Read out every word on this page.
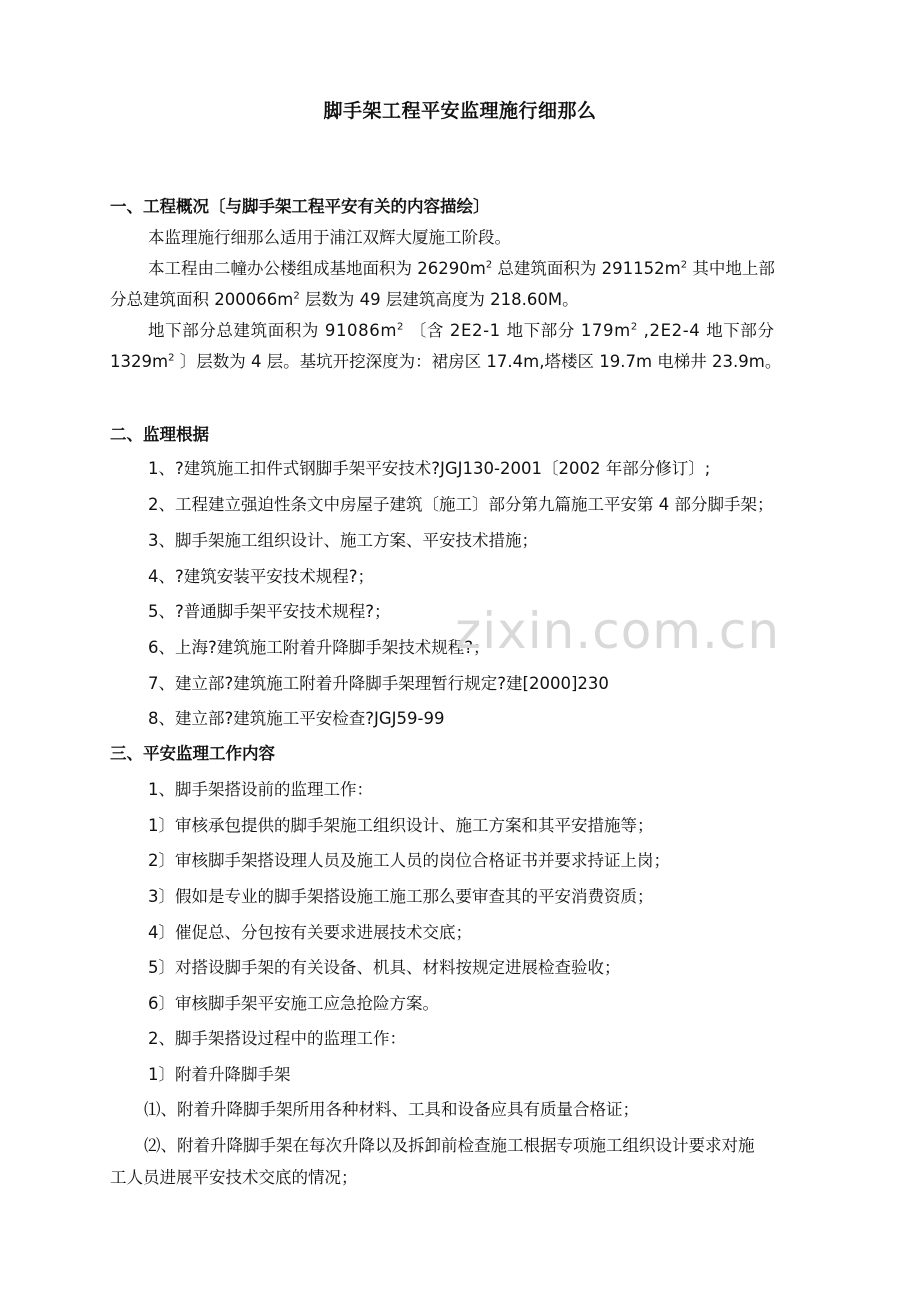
脚手架工程平安监理施行细那么
一、工程概况〔与脚手架工程平安有关的内容描绘〕
本监理施行细那么适用于浦江双辉大厦施工阶段。
本工程由二幢办公楼组成基地面积为 $26290m^2$ 总建筑面积为 $291152m^2$ 其中地上部
分总建筑面积 $200066m^2$ 层数为 49 层建筑高度为 218.60M。
地下部分总建筑面积为 $91086m^2$ 〔含 2E2-1 地下部分 $179m^2$ ,2E2-4 地下部分
$1329m^2$ 〕层数为 4 层。基坑开挖深度为：裙房区 17.4m,塔楼区 19.7m 电梯井 23.9m。
二、监理根据
1、?建筑施工扣件式钢脚手架平安技术?JGJ130-2001〔2002 年部分修订〕;
2、工程建立强迫性条文中房屋子建筑〔施工〕部分第九篇施工平安第 4 部分脚手架；
3、脚手架施工组织设计、施工方案、平安技术措施；
4、?建筑安装平安技术规程?；
5、?普通脚手架平安技术规程?；
6、上海?建筑施工附着升降脚手架技术规程?；
7、建立部?建筑施工附着升降脚手架理暂行规定?建[2000]230
8、建立部?建筑施工平安检查?JGJ59-99
三、平安监理工作内容
1、脚手架搭设前的监理工作：
1〕审核承包提供的脚手架施工组织设计、施工方案和其平安措施等；
2〕审核脚手架搭设理人员及施工人员的岗位合格证书并要求持证上岗；
3〕假如是专业的脚手架搭设施工施工那么要审查其的平安消费资质；
4〕催促总、分包按有关要求进展技术交底；
5〕对搭设脚手架的有关设备、机具、材料按规定进展检查验收；
6〕审核脚手架平安施工应急抢险方案。
2、脚手架搭设过程中的监理工作：
1〕附着升降脚手架
⑴、附着升降脚手架所用各种材料、工具和设备应具有质量合格证；
⑵、附着升降脚手架在每次升降以及拆卸前检查施工根据专项施工组织设计要求对施
工人员进展平安技术交底的情况；
zixin.com.cn
